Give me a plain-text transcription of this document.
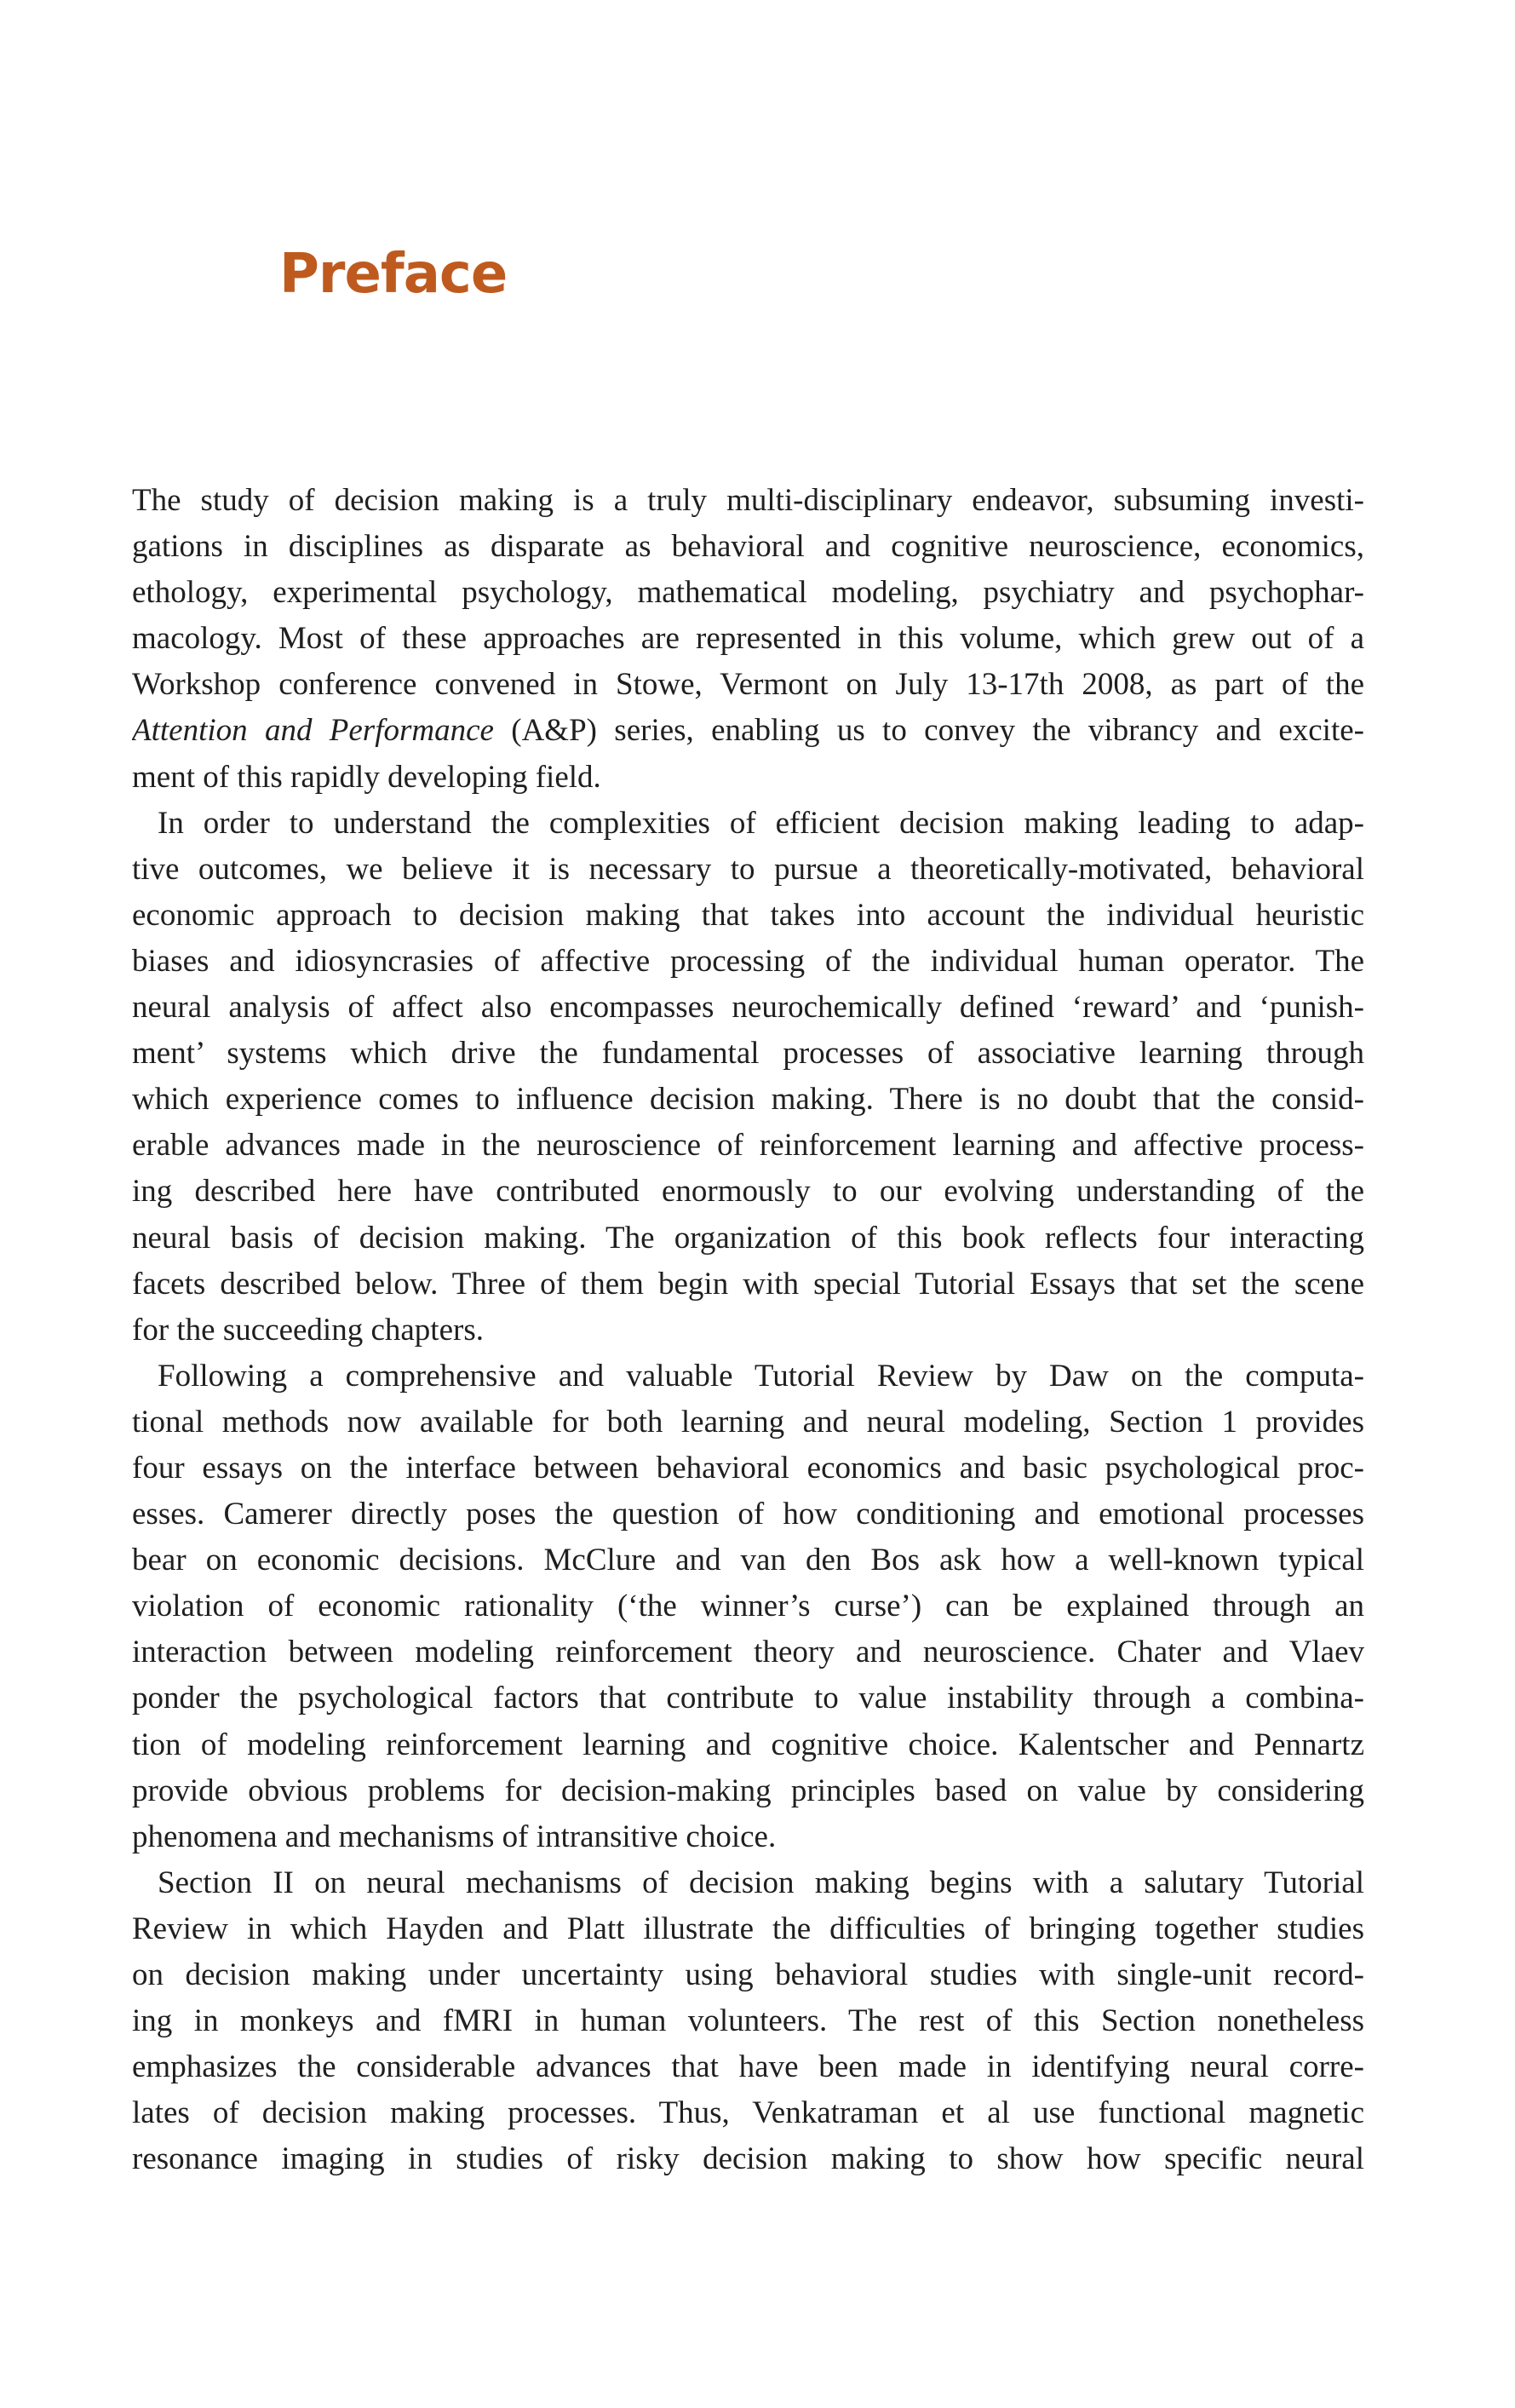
Preface

The study of decision making is a truly multi-disciplinary endeavor, subsuming investi-
gations in disciplines as disparate as behavioral and cognitive neuroscience, economics,
ethology, experimental psychology, mathematical modeling, psychiatry and psychophar-
macology. Most of these approaches are represented in this volume, which grew out of a
Workshop conference convened in Stowe, Vermont on July 13-17th 2008, as part of the
Attention and Performance (A&P) series, enabling us to convey the vibrancy and excite-
ment of this rapidly developing field.

In order to understand the complexities of efficient decision making leading to adap-
tive outcomes, we believe it is necessary to pursue a theoretically-motivated, behavioral
economic approach to decision making that takes into account the individual heuristic
biases and idiosyncrasies of affective processing of the individual human operator. The
neural analysis of affect also encompasses neurochemically defined ‘reward’ and ‘punish-
ment’ systems which drive the fundamental processes of associative learning through
which experience comes to influence decision making. There is no doubt that the consid-
erable advances made in the neuroscience of reinforcement learning and affective process-
ing described here have contributed enormously to our evolving understanding of the
neural basis of decision making. The organization of this book reflects four interacting
facets described below. Three of them begin with special Tutorial Essays that set the scene
for the succeeding chapters.

Following a comprehensive and valuable Tutorial Review by Daw on the computa-
tional methods now available for both learning and neural modeling, Section 1 provides
four essays on the interface between behavioral economics and basic psychological proc-
esses. Camerer directly poses the question of how conditioning and emotional processes
bear on economic decisions. McClure and van den Bos ask how a well-known typical
violation of economic rationality (‘the winner’s curse’) can be explained through an
interaction between modeling reinforcement theory and neuroscience. Chater and Vlaev
ponder the psychological factors that contribute to value instability through a combina-
tion of modeling reinforcement learning and cognitive choice. Kalentscher and Pennartz
provide obvious problems for decision-making principles based on value by considering
phenomena and mechanisms of intransitive choice.

Section II on neural mechanisms of decision making begins with a salutary Tutorial
Review in which Hayden and Platt illustrate the difficulties of bringing together studies
on decision making under uncertainty using behavioral studies with single-unit record-
ing in monkeys and fMRI in human volunteers. The rest of this Section nonetheless
emphasizes the considerable advances that have been made in identifying neural corre-
lates of decision making processes. Thus, Venkatraman et al use functional magnetic
resonance imaging in studies of risky decision making to show how specific neural
